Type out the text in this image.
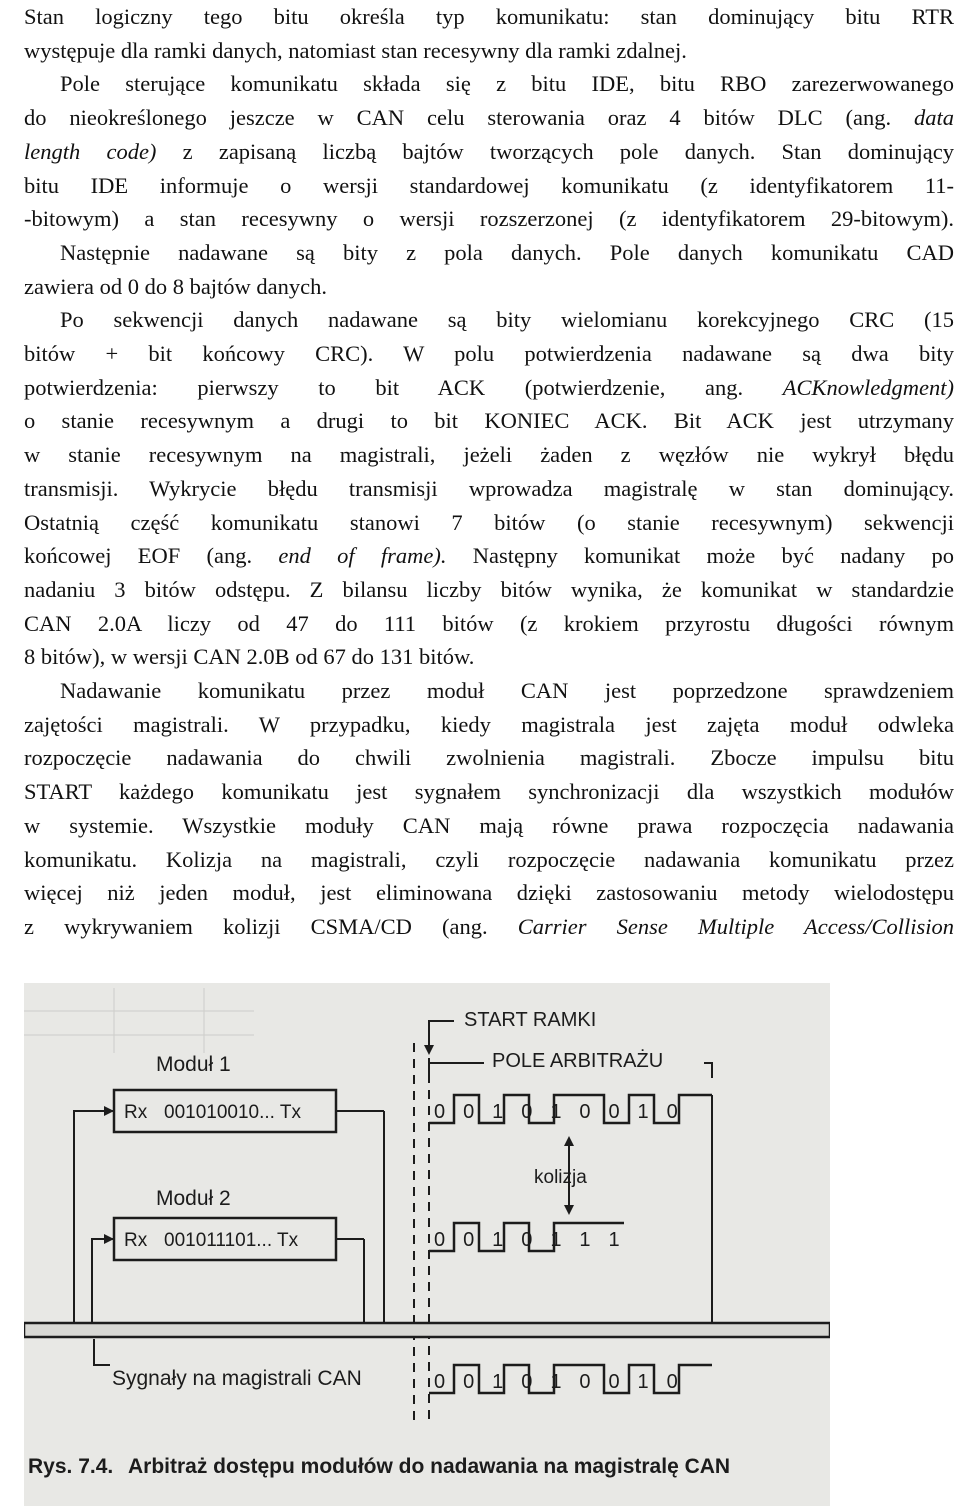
Stan logiczny tego bitu określa typ komunikatu: stan dominujący bitu RTR

występuje dla ramki danych, natomiast stan recesywny dla ramki zdalnej.

Pole sterujące komunikatu składa się z bitu IDE, bitu RBO zarezerwowanego

do nieokreślonego jeszcze w CAN celu sterowania oraz 4 bitów DLC (ang. data

length code) z zapisaną liczbą bajtów tworzących pole danych. Stan dominujący

bitu IDE informuje o wersji standardowej komunikatu (z identyfikatorem 11-

-bitowym) a stan recesywny o wersji rozszerzonej (z identyfikatorem 29-bitowym).

Następnie nadawane są bity z pola danych. Pole danych komunikatu CAD

zawiera od 0 do 8 bajtów danych.

Po sekwencji danych nadawane są bity wielomianu korekcyjnego CRC (15

bitów + bit końcowy CRC). W polu potwierdzenia nadawane są dwa bity

potwierdzenia: pierwszy to bit ACK (potwierdzenie, ang. ACKnowledgment)

o stanie recesywnym a drugi to bit KONIEC ACK. Bit ACK jest utrzymany

w stanie recesywnym na magistrali, jeżeli żaden z węzłów nie wykrył błędu

transmisji. Wykrycie błędu transmisji wprowadza magistralę w stan dominujący.

Ostatnią część komunikatu stanowi 7 bitów (o stanie recesywnym) sekwencji

końcowej EOF (ang. end of frame). Następny komunikat może być nadany po

nadaniu 3 bitów odstępu. Z bilansu liczby bitów wynika, że komunikat w standardzie

CAN 2.0A liczy od 47 do 111 bitów (z krokiem przyrostu długości równym

8 bitów), w wersji CAN 2.0B od 67 do 131 bitów.

Nadawanie komunikatu przez moduł CAN jest poprzedzone sprawdzeniem

zajętości magistrali. W przypadku, kiedy magistrala jest zajęta moduł odwleka

rozpoczęcie nadawania do chwili zwolnienia magistrali. Zbocze impulsu bitu

START każdego komunikatu jest sygnałem synchronizacji dla wszystkich modułów

w systemie. Wszystkie moduły CAN mają równe prawa rozpoczęcia nadawania

komunikatu. Kolizja na magistrali, czyli rozpoczęcie nadawania komunikatu przez

więcej niż jeden moduł, jest eliminowana dzięki zastosowaniu metody wielodostępu

z wykrywaniem kolizji CSMA/CD (ang. Carrier Sense Multiple Access/Collision

START RAMKI
POLE ARBITRAŻU
Moduł 1
Rx 001010010... Tx
Moduł 2
Rx 001011101... Tx
0 0 1 0 1 0 0 1 0
kolizja
0 0 1 0 1 1 1
Sygnały na magistrali CAN	0 0 1 0 1 0 0 1 0
Rys. 7.4. Arbitraż dostępu modułów do nadawania na magistralę CAN
